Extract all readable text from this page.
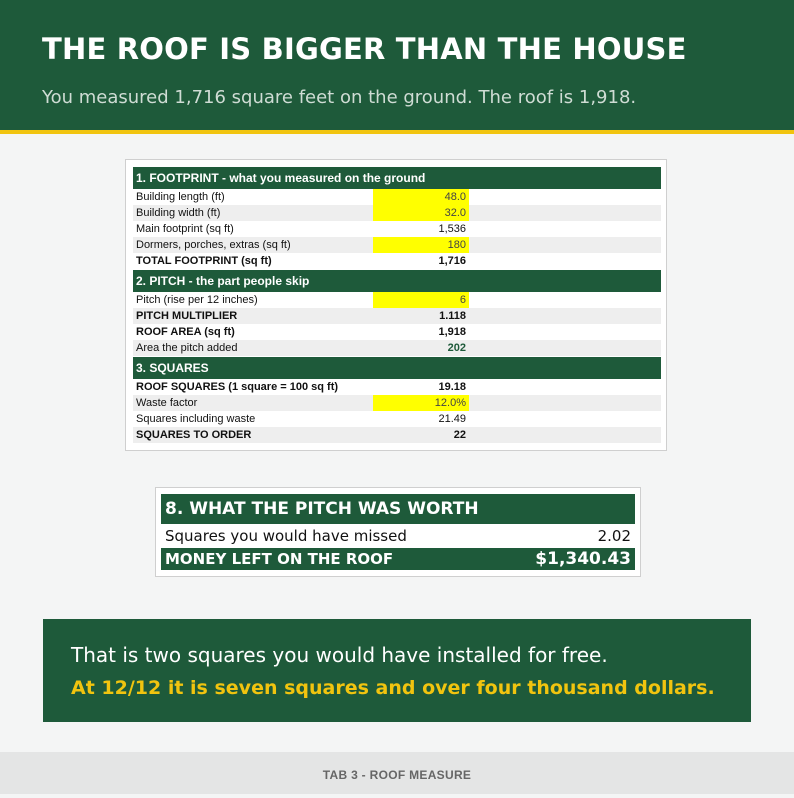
THE ROOF IS BIGGER THAN THE HOUSE
You measured 1,716 square feet on the ground. The roof is 1,918.
1. FOOTPRINT - what you measured on the ground
Building length (ft)	48.0
Building width (ft)	32.0
Main footprint (sq ft)	1,536
Dormers, porches, extras (sq ft)	180
TOTAL FOOTPRINT (sq ft)	1,716
2. PITCH - the part people skip
Pitch (rise per 12 inches)	6
PITCH MULTIPLIER	1.118
ROOF AREA (sq ft)	1,918
Area the pitch added	202
3. SQUARES
ROOF SQUARES (1 square = 100 sq ft)	19.18
Waste factor	12.0%
Squares including waste	21.49
SQUARES TO ORDER	22
8. WHAT THE PITCH WAS WORTH
Squares you would have missed	2.02
MONEY LEFT ON THE ROOF	$1,340.43
That is two squares you would have installed for free.
At 12/12 it is seven squares and over four thousand dollars.
TAB 3 - ROOF MEASURE
